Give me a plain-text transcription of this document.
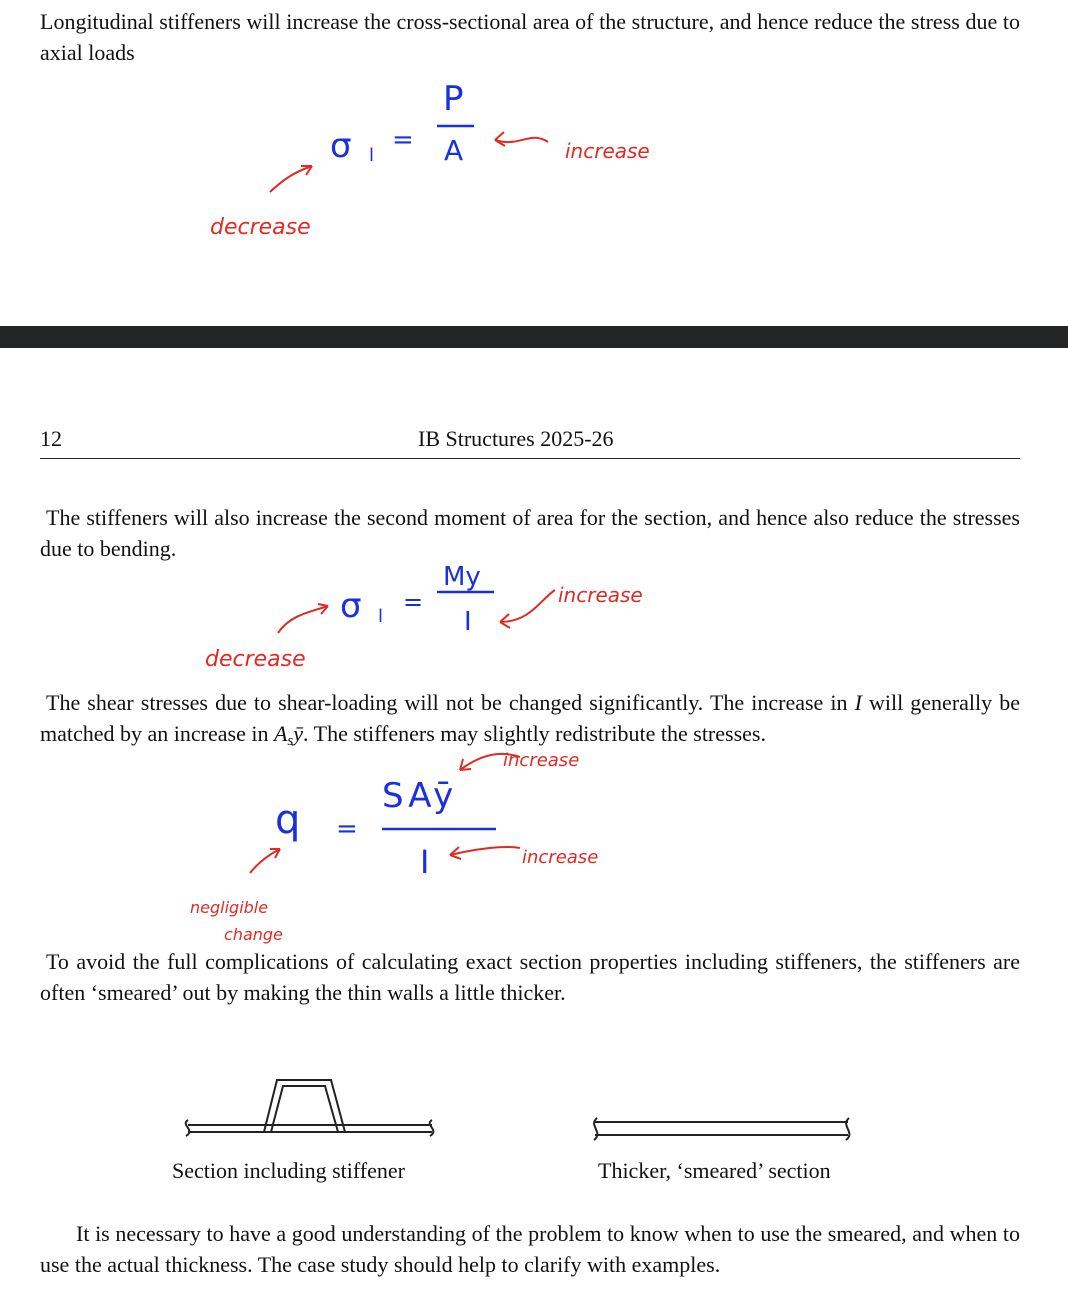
Longitudinal stiffeners will increase the cross-sectional area of the structure, and hence reduce the stress due to axial loads

σ l
=
P
A	increase
decrease
12	IB Structures 2025-26

The stiffeners will also increase the second moment of area for the section, and hence also reduce the stresses due to bending.

σ l
=
My
I
increase
decrease

The shear stresses due to shear-loading will not be changed significantly. The increase in I will generally be matched by an increase in Asȳ. The stiffeners may slightly redistribute the stresses.

q =
SAȳ
I
increase
increase
negligible
change

To avoid the full complications of calculating exact section properties including stiffeners, the stiffeners are often ‘smeared’ out by making the thin walls a little thicker.

Section including stiffener	Thicker, ‘smeared’ section

It is necessary to have a good understanding of the problem to know when to use the smeared, and when to use the actual thickness. The case study should help to clarify with examples.
